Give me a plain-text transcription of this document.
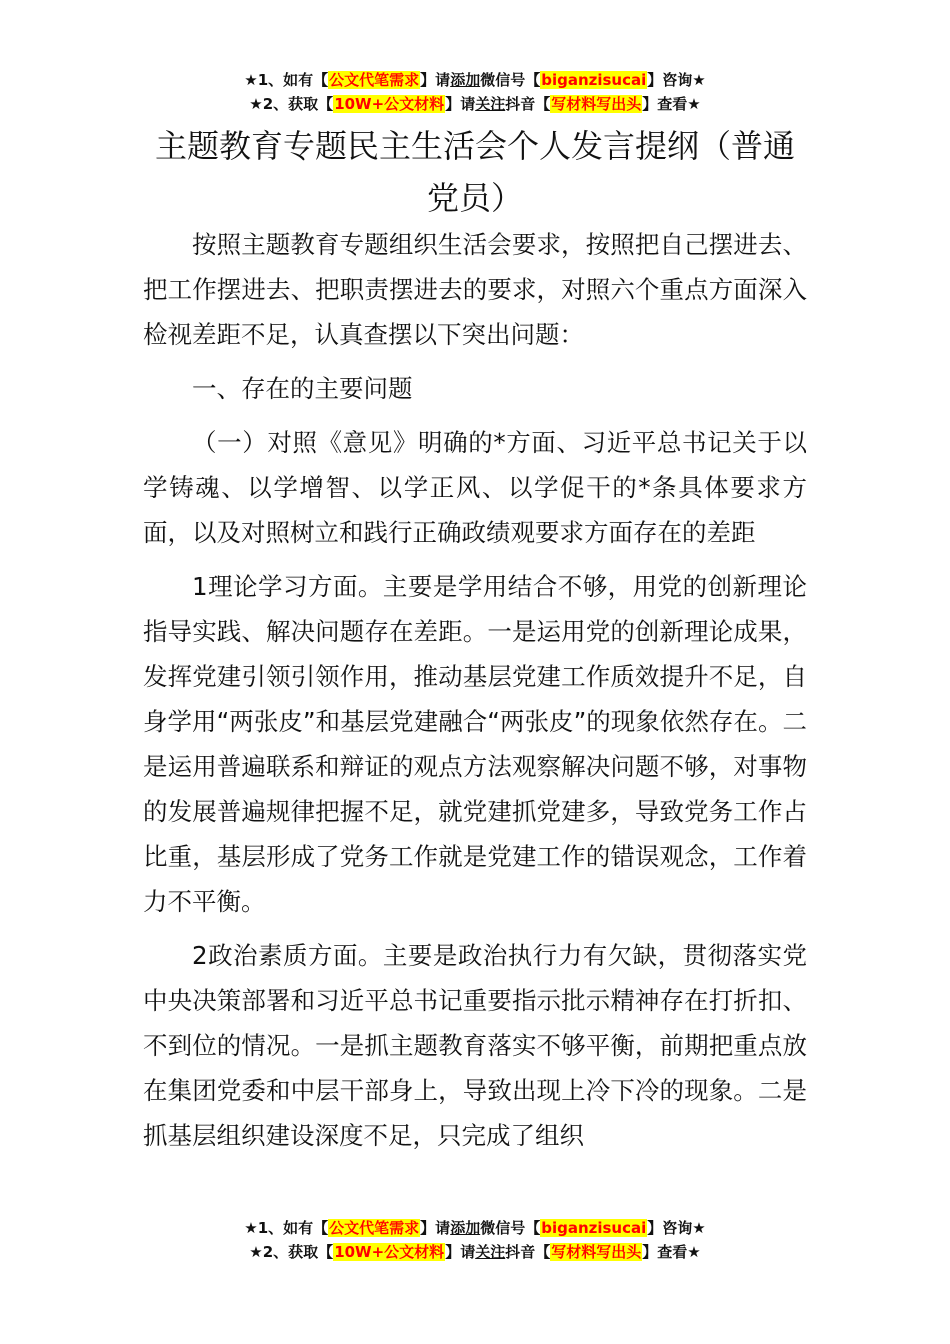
★1、如有【公文代笔需求】请添加微信号【biganzisucai】咨询★
★2、获取【10W+公文材料】请关注抖音【写材料写出头】查看★
主题教育专题民主生活会个人发言提纲（普通党员）

按照主题教育专题组织生活会要求，按照把自己摆进去、把工作摆进去、把职责摆进去的要求，对照六个重点方面深入检视差距不足，认真查摆以下突出问题：

一、存在的主要问题

（一）对照《意见》明确的*方面、习近平总书记关于以学铸魂、以学增智、以学正风、以学促干的*条具体要求方面，以及对照树立和践行正确政绩观要求方面存在的差距

1理论学习方面。主要是学用结合不够，用党的创新理论指导实践、解决问题存在差距。一是运用党的创新理论成果，发挥党建引领引领作用，推动基层党建工作质效提升不足，自身学用“两张皮”和基层党建融合“两张皮”的现象依然存在。二是运用普遍联系和辩证的观点方法观察解决问题不够，对事物的发展普遍规律把握不足，就党建抓党建多，导致党务工作占比重，基层形成了党务工作就是党建工作的错误观念，工作着力不平衡。

2政治素质方面。主要是政治执行力有欠缺，贯彻落实党中央决策部署和习近平总书记重要指示批示精神存在打折扣、不到位的情况。一是抓主题教育落实不够平衡，前期把重点放在集团党委和中层干部身上，导致出现上冷下冷的现象。二是抓基层组织建设深度不足，只完成了组织

★1、如有【公文代笔需求】请添加微信号【biganzisucai】咨询★
★2、获取【10W+公文材料】请关注抖音【写材料写出头】查看★
